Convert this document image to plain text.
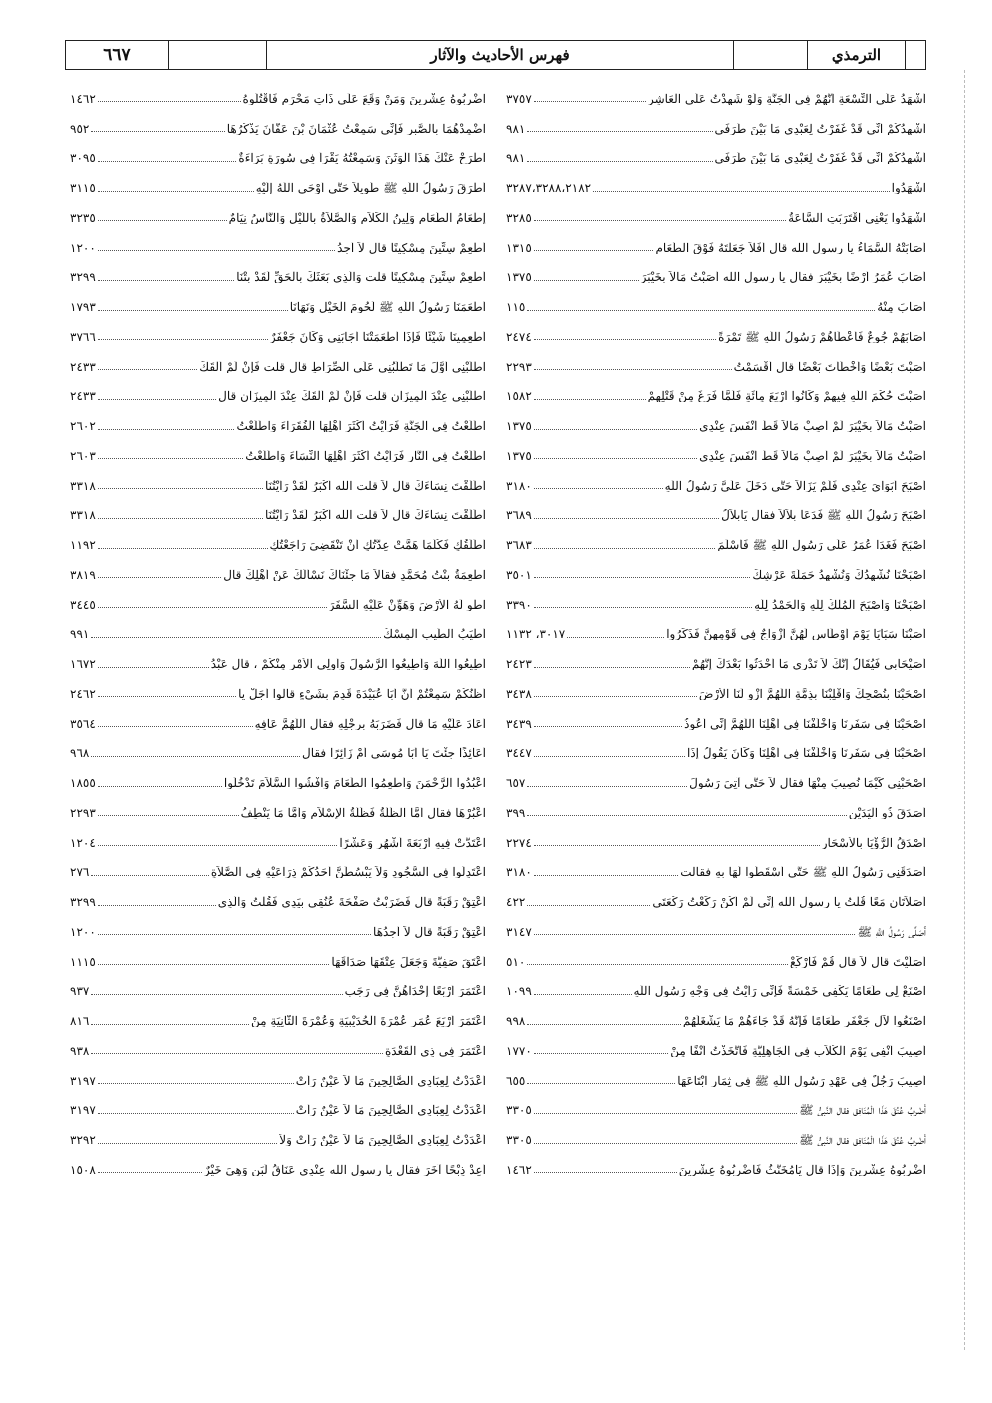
الترمذي
فهرس الأحاديث والآثار
٦٦٧
أَشْهَدُ عَلَى التِّسْعَةِ أَنَّهُمْ فِي الْجَنَّةِ وَلَوْ شَهِدْتُ عَلَى الْعَاشِرِ
٣٧٥٧
أُشْهِدُكُمْ أَنِّي قَدْ غَفَرْتُ لِعَبْدِي مَا بَيْنَ طَرَفَي
٩٨١
أُشْهِدُكُمْ أَنِّي قَدْ غَفَرْتُ لِعَبْدِي مَا بَيْنَ طَرَفَي
٩٨١
اشْهَدُوا
٣٢٨٧،٣٢٨٨،٢١٨٢
اشْهَدُوا يَعْنِي اقْتَرَبَتِ السَّاعَةُ
٣٢٨٥
أَصَابَتْهُ السَّمَاءُ يا رسول الله قال أَفَلاَ جَعَلْتَهُ فَوْقَ الطَّعَامِ
١٣١٥
أَصَابَ عُمَرُ أَرْضًا بِخَيْبَرَ فقال يا رسول الله أَصَبْتُ مَالاً بِخَيْبَرَ
١٣٧٥
أَصَابَ مِنْهُ
١١٥
أَصَابَهُمْ جُوعٌ فَأَعْطَاهُمْ رَسُولُ اللَّهِ ﷺ تَمْرَةً
٢٤٧٤
أَصَبْتَ بَعْضًا وَأَخْطَأْتَ بَعْضًا قال أَقْسَمْتُ
٢٢٩٣
أَصَبْتَ حُكْمَ اللَّهِ فِيهِمْ وَكَانُوا أَرْبَعَ مِائَةٍ فَلَمَّا فَرَغَ مِنْ قَتْلِهِمْ
١٥٨٢
أَصَبْتُ مَالاً بِخَيْبَرَ لَمْ أُصِبْ مَالاً قَطُّ أَنْفَسَ عِنْدِي
١٣٧٥
أَصَبْتُ مَالاً بِخَيْبَرَ لَمْ أُصِبْ مَالاً قَطُّ أَنْفَسَ عِنْدِي
١٣٧٥
أَصْبَحَ أَبَوَايَ عِنْدِي فَلَمْ يَزَالاَ حَتَّى دَخَلَ عَلَيَّ رَسُولُ اللَّهِ
٣١٨٠
أَصْبَحَ رَسُولُ اللَّهِ ﷺ فَدَعَا بِلاَلاً فقال يَابِلاَلُ
٣٦٨٩
أَصْبَحَ فَغَدَا عُمَرُ عَلَى رَسُولِ اللَّهِ ﷺ فَأَسْلَمَ
٣٦٨٣
أَصْبَحْنَا نُشْهِدُكَ وَنُشْهِدُ حَمَلَةَ عَرْشِكَ
٣٥٠١
أَصْبَحْنَا وَأَصْبَحَ الْمُلْكُ لِلَّهِ وَالْحَمْدُ لِلَّهِ
٣٣٩٠
أَصَبْنَا سَبَايَا يَوْمَ أَوْطَاسٍ لَهُنَّ أَزْوَاجٌ فِي قَوْمِهِنَّ فَذَكَرُوا
٣٠١٧، ١١٣٢
أُصَيْحَابِي فَيُقَالُ إِنَّكَ لاَ تَدْرِي مَا أَحْدَثُوا بَعْدَكَ إِنَّهُمْ
٢٤٢٣
اصْحَبْنَا بِنُصْحِكَ وَاقْلِبْنَا بِذِمَّةٍ اللَّهُمَّ ازْوِ لَنَا الأَرْضَ
٣٤٣٨
اصْحَبْنَا فِي سَفَرِنَا وَاخْلُفْنَا فِي أَهْلِنَا اللَّهُمَّ إِنِّي أَعُوذُ
٣٤٣٩
اصْحَبْنَا فِي سَفَرِنَا وَاخْلُفْنَا فِي أَهْلِنَا وَكَانَ يَقُولُ إِذَا
٣٤٤٧
اصْحَبْنِي كَيْمَا نُصِيبَ مِنْهَا فقال لاَ حَتَّى آتِيَ رَسُولَ
٦٥٧
أَصَدَقَ ذُو الْيَدَيْنِ
٣٩٩
أَصْدَقُ الرُّؤْيَا بِالأَسْحَارِ
٢٢٧٤
أَصَدَقَنِي رَسُولُ اللَّهِ ﷺ حَتَّى أَسْقَطُوا لَهَا بِهِ فقالت
٣١٨٠
أَصَلاَتَانِ مَعًا قُلْتُ يا رسول الله إِنِّي لَمْ أَكُنْ رَكَعْتُ رَكْعَتَيِ
٤٢٢
أُصَلِّي رَسُولُ اللَّهِ ﷺ
٣١٤٧
أَصَلَّيْتَ قال لاَ قال قُمْ فَارْكَعْ
٥١٠
اصْنَعْ لِي طَعَامًا يَكْفِي خَمْسَةً فَإِنِّي رَأَيْتُ فِي وَجْهِ رَسُولِ اللَّهِ
١٠٩٩
اصْنَعُوا لآلِ جَعْفَرٍ طَعَامًا فَإِنَّهُ قَدْ جَاءَهُمْ مَا يَشْغَلُهُمْ
٩٩٨
أُصِيبَ أَنْفِي يَوْمَ الْكُلاَبِ فِي الْجَاهِلِيَّةِ فَاتَّخَذْتُ أَنْفًا مِنْ
١٧٧٠
أُصِيبَ رَجُلٌ فِي عَهْدِ رَسُولِ اللَّهِ ﷺ فِي ثِمَارٍ ابْتَاعَهَا
٦٥٥
أَضْرِبُ عُنُقَ هَذَا الْمُنَافِقِ فقال النَّبِيُّ ﷺ
٣٣٠٥
أَضْرِبُ عُنُقَ هَذَا الْمُنَافِقِ فقال النَّبِيُّ ﷺ
٣٣٠٥
اضْرِبُوهُ عِشْرِينَ وَإِذَا قال يَامُخَنَّثُ فَاضْرِبُوهُ عِشْرِينَ
١٤٦٢
اضْرِبُوهُ عِشْرِينَ وَمَنْ وَقَعَ عَلَى ذَاتِ مَحْرَمٍ فَاقْتُلُوهُ
١٤٦٢
اضْمِدْهُمَا بِالصَّبِرِ فَإِنِّي سَمِعْتُ عُثْمَانَ بْنَ عَفَّانَ يَذْكُرُهَا
٩٥٢
اطْرَحْ عَنْكَ هَذَا الْوَثَنَ وَسَمِعْتُهُ يَقْرَأُ فِي سُورَةِ بَرَاءَةٌ
٣٠٩٥
أَطْرَقَ رَسُولُ اللَّهِ ﷺ طَوِيلاً حَتَّى أَوْحَى اللَّهُ إِلَيْهِ
٣١١٥
إِطْعَامُ الطَّعَامِ وَلِينُ الْكَلاَمِ وَالصَّلاَةُ بِاللَّيْلِ وَالنَّاسُ نِيَامٌ
٣٢٣٥
أَطْعِمْ سِتِّينَ مِسْكِينًا قال لاَ أَجِدُ
١٢٠٠
أَطْعِمْ سِتِّينَ مِسْكِينًا قلت وَالَّذِي بَعَثَكَ بِالْحَقِّ لَقَدْ بِتْنَا
٣٢٩٩
أَطْعَمَنَا رَسُولُ اللَّهِ ﷺ لُحُومَ الْخَيْلِ وَنَهَانَا
١٧٩٣
أَطْعِمِينَا شَيْئًا فَإِذَا أَطْعَمَتْنَا أَجَابَنِي وَكَانَ جَعْفَرٌ
٣٧٦٦
اطْلُبْنِي أَوَّلَ مَا تَطْلُبُنِي عَلَى الصِّرَاطِ قال قلت فَإِنْ لَمْ أَلْقَكَ
٢٤٣٣
اطْلُبْنِي عِنْدَ الْمِيزَانِ قلت فَإِنْ لَمْ أَلْقَكَ عِنْدَ الْمِيزَانِ قال
٢٤٣٣
اطَّلَعْتُ فِي الْجَنَّةِ فَرَأَيْتُ أَكْثَرَ أَهْلِهَا الْفُقَرَاءَ وَاطَّلَعْتُ
٢٦٠٢
اطَّلَعْتُ فِي النَّارِ فَرَأَيْتُ أَكْثَرَ أَهْلِهَا النِّسَاءَ وَاطَّلَعْتُ
٢٦٠٣
أَطَلَّقْتَ نِسَاءَكَ قال لاَ قلت الله أَكْبَرُ لَقَدْ رَأَيْتُنَا
٣٣١٨
أَطَلَّقْتَ نِسَاءَكَ قال لاَ قلت الله أَكْبَرُ لَقَدْ رَأَيْتُنَا
٣٣١٨
أُطَلِّقُكِ فَكُلَّمَا هَمَّتْ عِدَّتُكِ أَنْ تَنْقَضِيَ رَاجَعْتُكِ
١١٩٢
اطْعِمَةُ بِنْتُ مُحَمَّدٍ فقالاَ مَا جِئْنَاكَ نَسْأَلُكَ عَنْ أَهْلِكَ قال
٣٨١٩
اطْوِ لَهُ الأَرْضَ وَهَوِّنْ عَلَيْهِ السَّفَرَ
٣٤٤٥
أَطْيَبُ الطِّيبِ الْمِسْكُ
٩٩١
أَطِيعُوا اللَّهَ وَأَطِيعُوا الرَّسُولَ وَأُولِي الأَمْرِ مِنْكُمْ ، قال عَبْدُ
١٦٧٢
أَظْنُكُمْ سَمِعْتُمْ أَنَّ أَبَا عُبَيْدَةَ قَدِمَ بِشَيْءٍ قالوا أَجَلْ يا
٢٤٦٢
أَعَادَ عَلَيْهِ مَا قال فَضَرَبَهُ بِرِجْلِهِ فقال اللَّهُمَّ عَافِهِ
٣٥٦٤
أَعَائِذًا جِئْتَ يَا أَبَا مُوسَى أَمْ زَائِرًا فقال
٩٦٨
اعْبُدُوا الرَّحْمَنَ وَأَطْعِمُوا الطَّعَامَ وَأَفْشُوا السَّلاَمَ تَدْخُلُوا
١٨٥٥
اعْبُرْهَا فقال أَمَّا الظُّلَّةُ فَظُلَّةُ الإِسْلاَمِ وَأَمَّا مَا يَنْطِفُ
٢٢٩٣
اعْتَدَّتْ فِيهِ أَرْبَعَةَ أَشْهُرٍ وَعَشْرًا
١٢٠٤
اعْتَدِلُوا فِي السُّجُودِ وَلاَ يَبْسُطَنَّ أَحَدُكُمْ ذِرَاعَيْهِ فِي الصَّلاَةِ
٢٧٦
أَعْتِقْ رَقَبَةً قال فَضَرَبْتُ صَفْحَةَ عُنُقِي بِيَدِي فَقُلْتُ وَالَّذِي
٣٢٩٩
أَعْتِقْ رَقَبَةً قال لاَ أَجِدُهَا
١٢٠٠
أَعْتَقَ صَفِيَّةَ وَجَعَلَ عِتْقَهَا صَدَاقَهَا
١١١٥
اعْتَمَرَ أَرْبَعًا إِحْدَاهُنَّ فِي رَجَبٍ
٩٣٧
اعْتَمَرَ أَرْبَعَ عُمَرٍ عُمْرَةَ الْحُدَيْبِيَةِ وَعُمْرَةَ الثَّانِيَةِ مِنْ
٨١٦
اعْتَمَرَ فِي ذِي الْقَعْدَةِ
٩٣٨
أَعْدَدْتُ لِعِبَادِي الصَّالِحِينَ مَا لاَ عَيْنٌ رَأَتْ
٣١٩٧
أَعْدَدْتُ لِعِبَادِي الصَّالِحِينَ مَا لاَ عَيْنٌ رَأَتْ
٣١٩٧
أَعْدَدْتُ لِعِبَادِي الصَّالِحِينَ مَا لاَ عَيْنٌ رَأَتْ وَلاَ
٣٢٩٢
أَعِدْ ذِبْحًا آخَرَ فقال يا رسول الله عِنْدِي عَنَاقُ لَبَنٍ وَهِيَ خَيْرٌ
١٥٠٨
